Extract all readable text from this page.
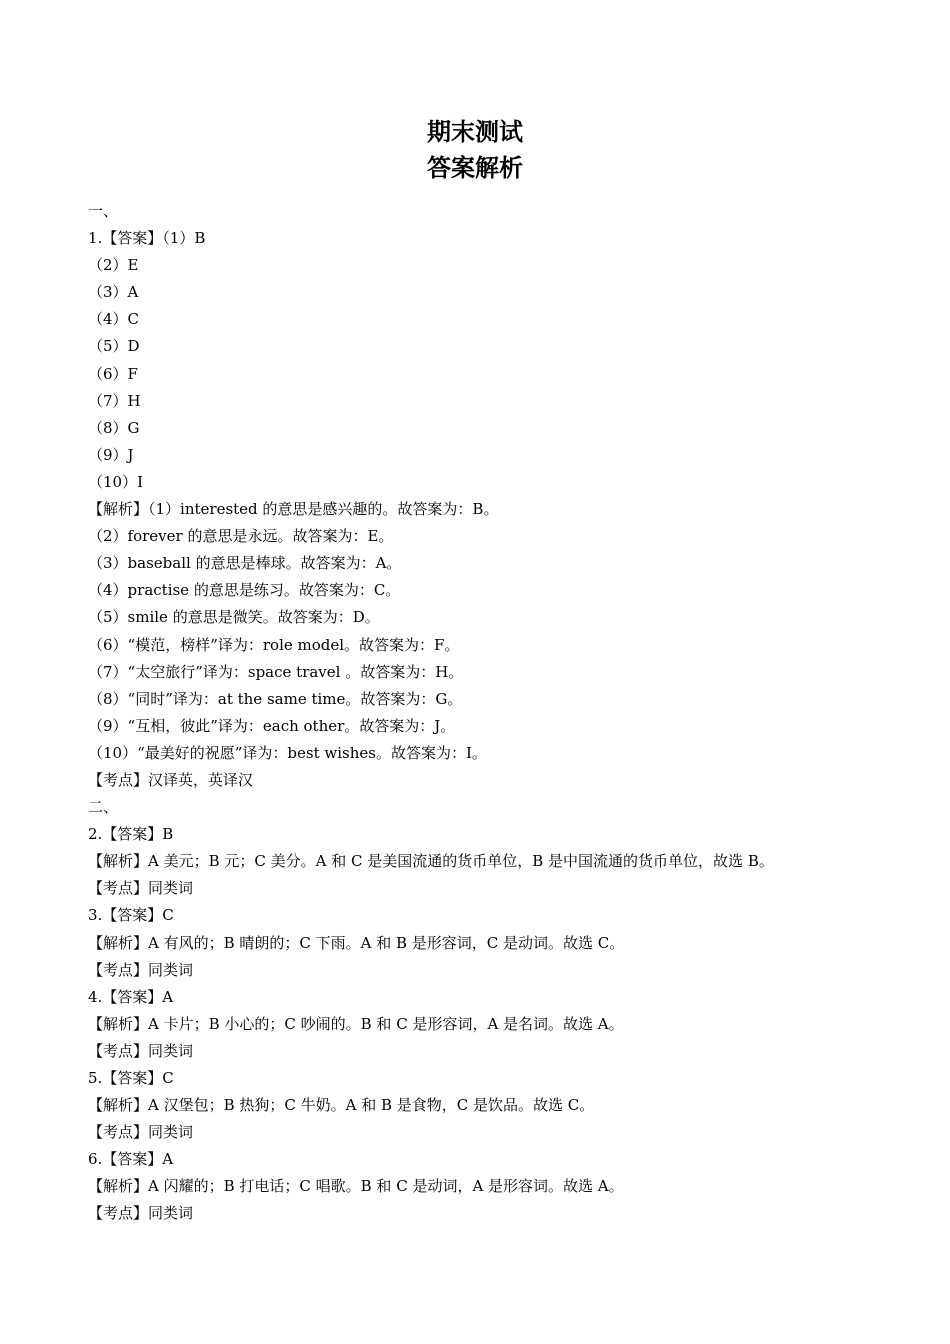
期末测试
答案解析
一、
1.【答案】（1）B
（2）E
（3）A
（4）C
（5）D
（6）F
（7）H
（8）G
（9）J
（10）I
【解析】（1）interested 的意思是感兴趣的。故答案为：B。
（2）forever 的意思是永远。故答案为：E。
（3）baseball 的意思是棒球。故答案为：A。
（4）practise 的意思是练习。故答案为：C。
（5）smile 的意思是微笑。故答案为：D。
（6）“模范，榜样”译为：role model。故答案为：F。
（7）“太空旅行”译为：space travel 。故答案为：H。
（8）“同时”译为：at the same time。故答案为：G。
（9）“互相，彼此”译为：each other。故答案为：J。
（10）“最美好的祝愿”译为：best wishes。故答案为：I。
【考点】汉译英，英译汉
二、
2.【答案】B
【解析】A 美元；B 元；C 美分。A 和 C 是美国流通的货币单位，B 是中国流通的货币单位，故选 B。
【考点】同类词
3.【答案】C
【解析】A 有风的；B 晴朗的；C 下雨。A 和 B 是形容词，C 是动词。故选 C。
【考点】同类词
4.【答案】A
【解析】A 卡片；B 小心的；C 吵闹的。B 和 C 是形容词，A 是名词。故选 A。
【考点】同类词
5.【答案】C
【解析】A 汉堡包；B 热狗；C 牛奶。A 和 B 是食物，C 是饮品。故选 C。
【考点】同类词
6.【答案】A
【解析】A 闪耀的；B 打电话；C 唱歌。B 和 C 是动词，A 是形容词。故选 A。
【考点】同类词
